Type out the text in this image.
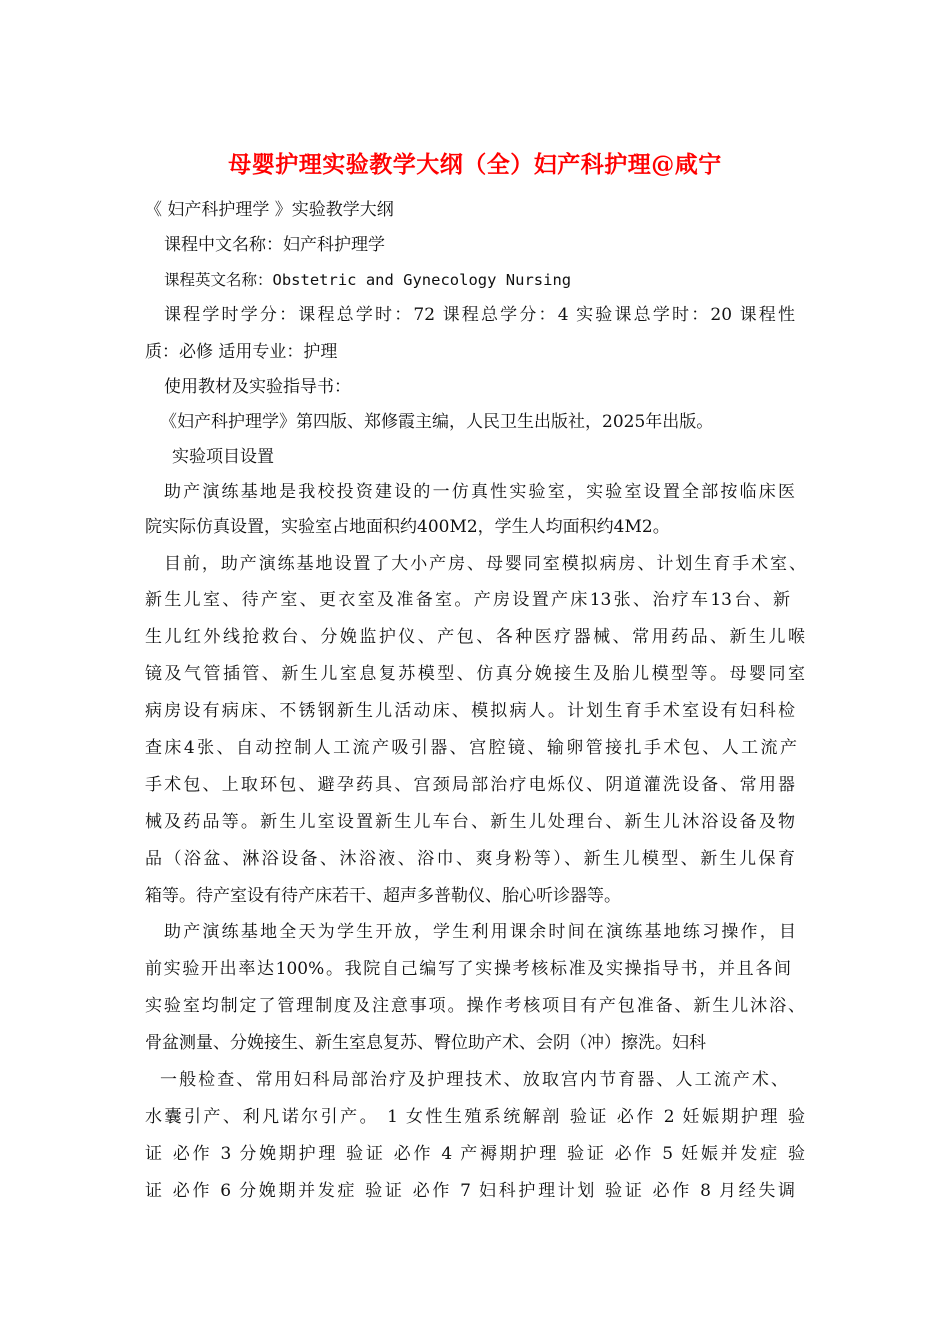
母婴护理实验教学大纲（全）妇产科护理@咸宁

《 妇产科护理学 》实验教学大纲

课程中文名称：妇产科护理学

课程英文名称：Obstetric and Gynecology Nursing

课程学时学分：课程总学时：72 课程总学分：4 实验课总学时：20 课程性

质：必修 适用专业：护理

使用教材及实验指导书：

《妇产科护理学》第四版、郑修霞主编，人民卫生出版社，2025年出版。

实验项目设置

助产演练基地是我校投资建设的一仿真性实验室，实验室设置全部按临床医

院实际仿真设置，实验室占地面积约400M2，学生人均面积约4M2。

目前，助产演练基地设置了大小产房、母婴同室模拟病房、计划生育手术室、

新生儿室、待产室、更衣室及准备室。产房设置产床13张、治疗车13台、新

生儿红外线抢救台、分娩监护仪、产包、各种医疗器械、常用药品、新生儿喉

镜及气管插管、新生儿室息复苏模型、仿真分娩接生及胎儿模型等。母婴同室

病房设有病床、不锈钢新生儿活动床、模拟病人。计划生育手术室设有妇科检

查床4张、自动控制人工流产吸引器、宫腔镜、输卵管接扎手术包、人工流产

手术包、上取环包、避孕药具、宫颈局部治疗电烁仪、阴道灌洗设备、常用器

械及药品等。新生儿室设置新生儿车台、新生儿处理台、新生儿沐浴设备及物

品（浴盆、淋浴设备、沐浴液、浴巾、爽身粉等）、新生儿模型、新生儿保育

箱等。待产室设有待产床若干、超声多普勒仪、胎心听诊器等。

助产演练基地全天为学生开放，学生利用课余时间在演练基地练习操作，目

前实验开出率达100%。我院自己编写了实操考核标准及实操指导书，并且各间

实验室均制定了管理制度及注意事项。操作考核项目有产包准备、新生儿沐浴、

骨盆测量、分娩接生、新生室息复苏、臀位助产术、会阴（冲）擦洗。妇科

一般检查、常用妇科局部治疗及护理技术、放取宫内节育器、人工流产术、

水囊引产、利凡诺尔引产。 1 女性生殖系统解剖 验证 必作 2 妊娠期护理 验

证 必作 3 分娩期护理 验证 必作 4 产褥期护理 验证 必作 5 妊娠并发症 验

证 必作 6 分娩期并发症 验证 必作 7 妇科护理计划 验证 必作 8 月经失调
